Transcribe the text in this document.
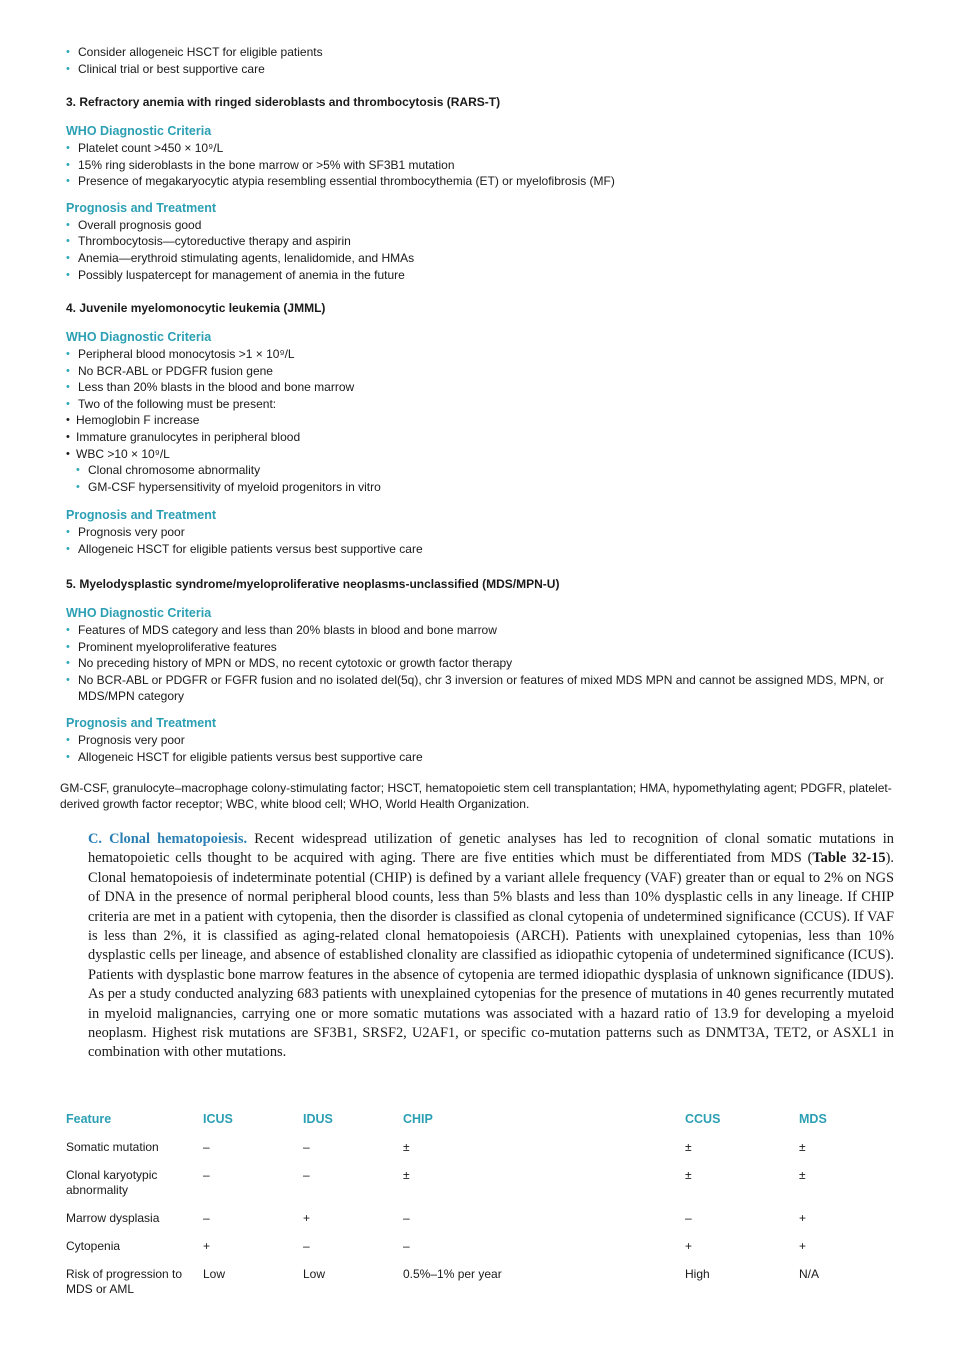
• Consider allogeneic HSCT for eligible patients
• Clinical trial or best supportive care
3. Refractory anemia with ringed sideroblasts and thrombocytosis (RARS-T)
WHO Diagnostic Criteria
• Platelet count >450 × 10⁹/L
• 15% ring sideroblasts in the bone marrow or >5% with SF3B1 mutation
• Presence of megakaryocytic atypia resembling essential thrombocythemia (ET) or myelofibrosis (MF)
Prognosis and Treatment
• Overall prognosis good
• Thrombocytosis—cytoreductive therapy and aspirin
• Anemia—erythroid stimulating agents, lenalidomide, and HMAs
• Possibly luspatercept for management of anemia in the future
4. Juvenile myelomonocytic leukemia (JMML)
WHO Diagnostic Criteria
• Peripheral blood monocytosis >1 × 10⁹/L
• No BCR-ABL or PDGFR fusion gene
• Less than 20% blasts in the blood and bone marrow
• Two of the following must be present:
• Hemoglobin F increase
• Immature granulocytes in peripheral blood
• WBC >10 × 10⁹/L
• Clonal chromosome abnormality
• GM-CSF hypersensitivity of myeloid progenitors in vitro
Prognosis and Treatment
• Prognosis very poor
• Allogeneic HSCT for eligible patients versus best supportive care
5. Myelodysplastic syndrome/myeloproliferative neoplasms-unclassified (MDS/MPN-U)
WHO Diagnostic Criteria
• Features of MDS category and less than 20% blasts in blood and bone marrow
• Prominent myeloproliferative features
• No preceding history of MPN or MDS, no recent cytotoxic or growth factor therapy
• No BCR-ABL or PDGFR or FGFR fusion and no isolated del(5q), chr 3 inversion or features of mixed MDS MPN and cannot be assigned MDS, MPN, or MDS/MPN category
Prognosis and Treatment
• Prognosis very poor
• Allogeneic HSCT for eligible patients versus best supportive care
GM-CSF, granulocyte–macrophage colony-stimulating factor; HSCT, hematopoietic stem cell transplantation; HMA, hypomethylating agent; PDGFR, platelet-derived growth factor receptor; WBC, white blood cell; WHO, World Health Organization.
C. Clonal hematopoiesis. Recent widespread utilization of genetic analyses has led to recognition of clonal somatic mutations in hematopoietic cells thought to be acquired with aging. There are five entities which must be differentiated from MDS (Table 32-15). Clonal hematopoiesis of indeterminate potential (CHIP) is defined by a variant allele frequency (VAF) greater than or equal to 2% on NGS of DNA in the presence of normal peripheral blood counts, less than 5% blasts and less than 10% dysplastic cells in any lineage. If CHIP criteria are met in a patient with cytopenia, then the disorder is classified as clonal cytopenia of undetermined significance (CCUS). If VAF is less than 2%, it is classified as aging-related clonal hematopoiesis (ARCH). Patients with unexplained cytopenias, less than 10% dysplastic cells per lineage, and absence of established clonality are classified as idiopathic cytopenia of undetermined significance (ICUS). Patients with dysplastic bone marrow features in the absence of cytopenia are termed idiopathic dysplasia of unknown significance (IDUS). As per a study conducted analyzing 683 patients with unexplained cytopenias for the presence of mutations in 40 genes recurrently mutated in myeloid malignancies, carrying one or more somatic mutations was associated with a hazard ratio of 13.9 for developing a myeloid neoplasm. Highest risk mutations are SF3B1, SRSF2, U2AF1, or specific co-mutation patterns such as DNMT3A, TET2, or ASXL1 in combination with other mutations.
Feature	ICUS	IDUS	CHIP	CCUS	MDS
Somatic mutation	–	–	±	±	±
Clonal karyotypic abnormality	–	–	±	±	±
Marrow dysplasia	–	+	–	–	+
Cytopenia	+	–	–	+	+
Risk of progression to MDS or AML	Low	Low	0.5%–1% per year	High	N/A
